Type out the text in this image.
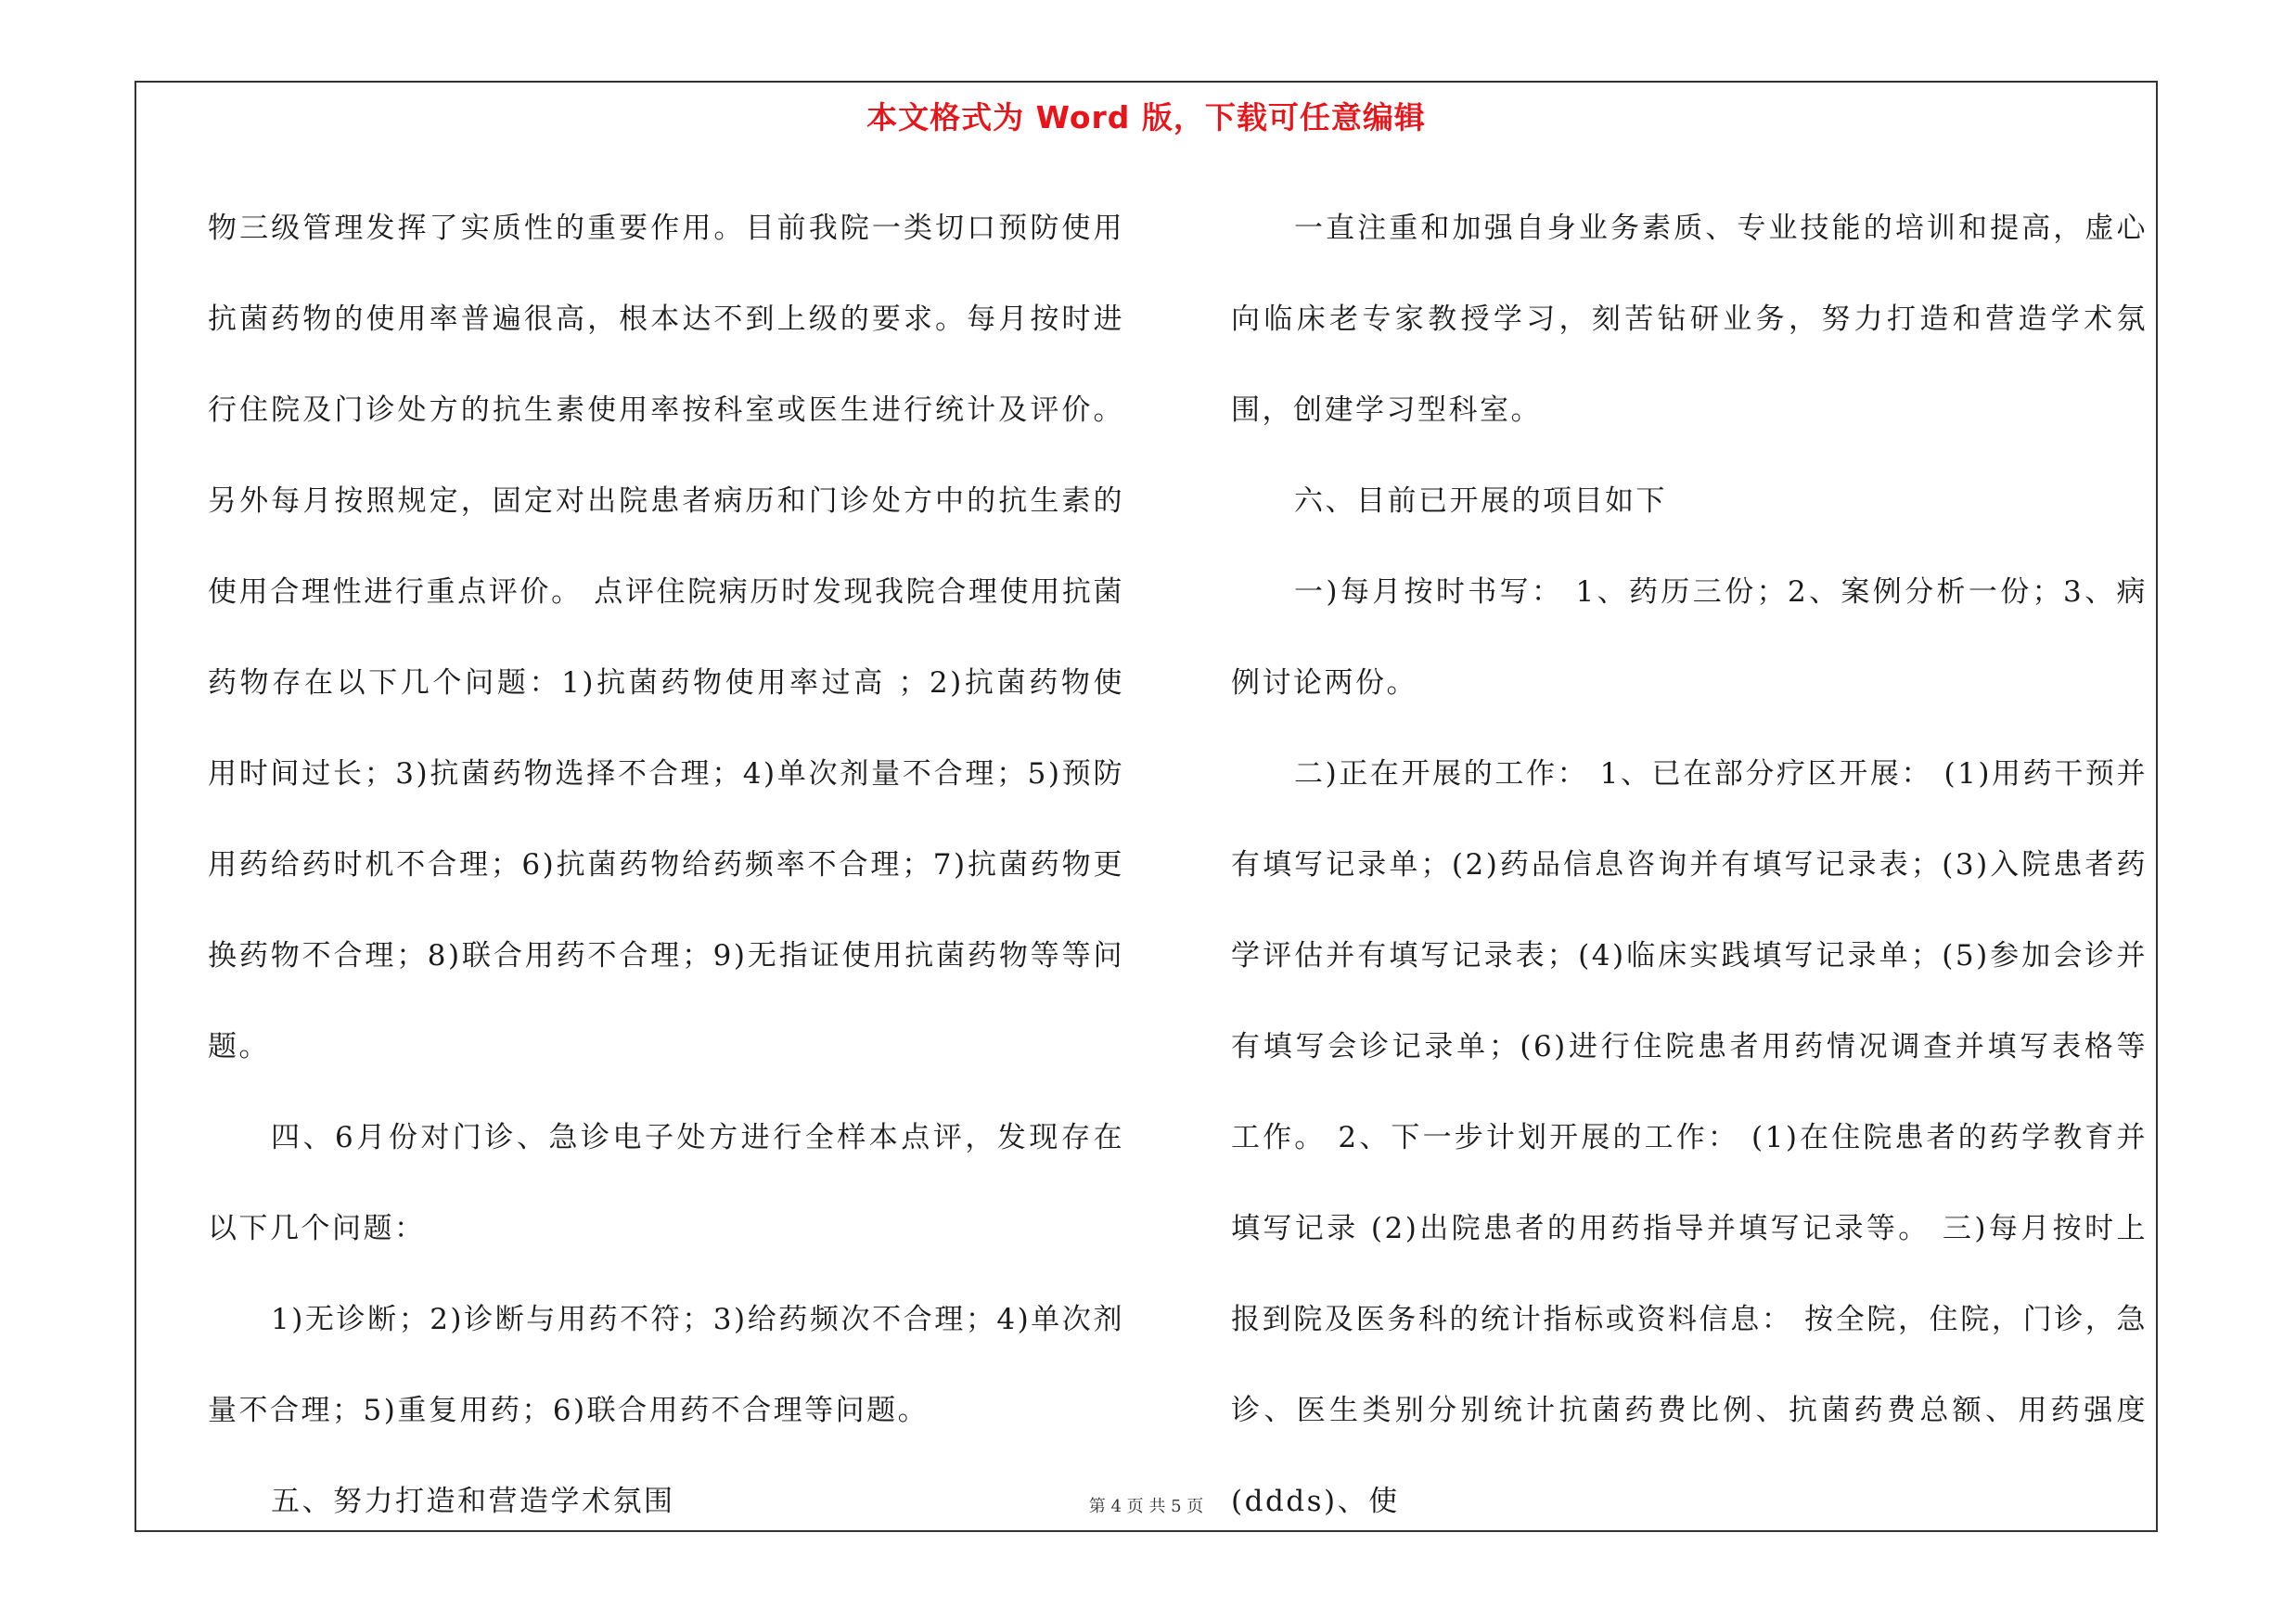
本文格式为 Word 版，下载可任意编辑

物三级管理发挥了实质性的重要作用。目前我院一类切口预防使用抗菌药物的使用率普遍很高，根本达不到上级的要求。每月按时进行住院及门诊处方的抗生素使用率按科室或医生进行统计及评价。另外每月按照规定，固定对出院患者病历和门诊处方中的抗生素的使用合理性进行重点评价。 点评住院病历时发现我院合理使用抗菌药物存在以下几个问题：1)抗菌药物使用率过高 ；2)抗菌药物使用时间过长；3)抗菌药物选择不合理；4)单次剂量不合理；5)预防用药给药时机不合理；6)抗菌药物给药频率不合理；7)抗菌药物更换药物不合理；8)联合用药不合理；9)无指证使用抗菌药物等等问题。

四、6月份对门诊、急诊电子处方进行全样本点评，发现存在以下几个问题：

1)无诊断；2)诊断与用药不符；3)给药频次不合理；4)单次剂量不合理；5)重复用药；6)联合用药不合理等问题。

五、努力打造和营造学术氛围

一直注重和加强自身业务素质、专业技能的培训和提高，虚心向临床老专家教授学习，刻苦钻研业务，努力打造和营造学术氛围，创建学习型科室。

六、目前已开展的项目如下

一)每月按时书写： 1、药历三份；2、案例分析一份；3、病例讨论两份。

二)正在开展的工作： 1、已在部分疗区开展： (1)用药干预并有填写记录单；(2)药品信息咨询并有填写记录表；(3)入院患者药学评估并有填写记录表；(4)临床实践填写记录单；(5)参加会诊并有填写会诊记录单；(6)进行住院患者用药情况调查并填写表格等工作。 2、下一步计划开展的工作： (1)在住院患者的药学教育并填写记录 (2)出院患者的用药指导并填写记录等。 三)每月按时上报到院及医务科的统计指标或资料信息： 按全院，住院，门诊，急诊、医生类别分别统计抗菌药费比例、抗菌药费总额、用药强度(ddds)、使

第 4 页 共 5 页
